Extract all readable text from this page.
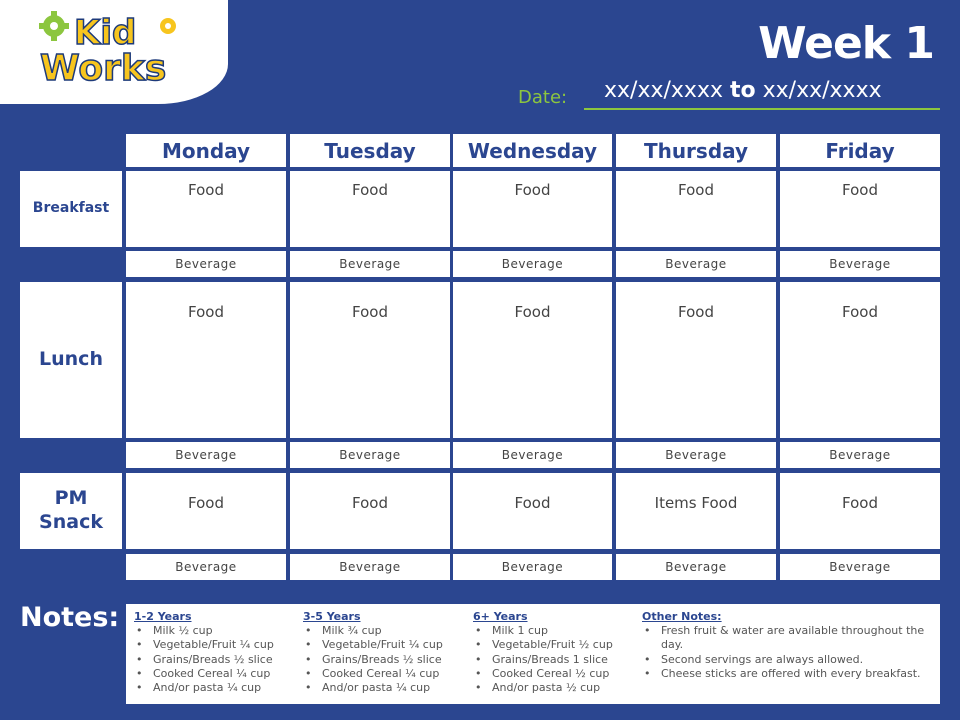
Kid
Works	Week 1
Date: xx/xx/xxxx to xx/xx/xxxx
Monday	Tuesday	Wednesday	Thursday	Friday
Breakfast
Food	Food	Food	Food	Food
Beverage	Beverage	Beverage	Beverage	Beverage
Lunch
Food	Food	Food	Food	Food
Beverage	Beverage	Beverage	Beverage	Beverage
PM
Snack
Food	Food	Food	Items Food	Food
Beverage	Beverage	Beverage	Beverage	Beverage
Notes: 1-2 Years
• Milk ½ cup
• Vegetable/Fruit ¼ cup
• Grains/Breads ½ slice
• Cooked Cereal ¼ cup
• And/or pasta ¼ cup
3-5 Years
• Milk ¾ cup
• Vegetable/Fruit ¼ cup
• Grains/Breads ½ slice
• Cooked Cereal ¼ cup
• And/or pasta ¼ cup
6+ Years
• Milk 1 cup
• Vegetable/Fruit ½ cup
• Grains/Breads 1 slice
• Cooked Cereal ½ cup
• And/or pasta ½ cup
Other Notes:
• Fresh fruit & water are available throughout the day.
• Second servings are always allowed.
• Cheese sticks are offered with every breakfast.
